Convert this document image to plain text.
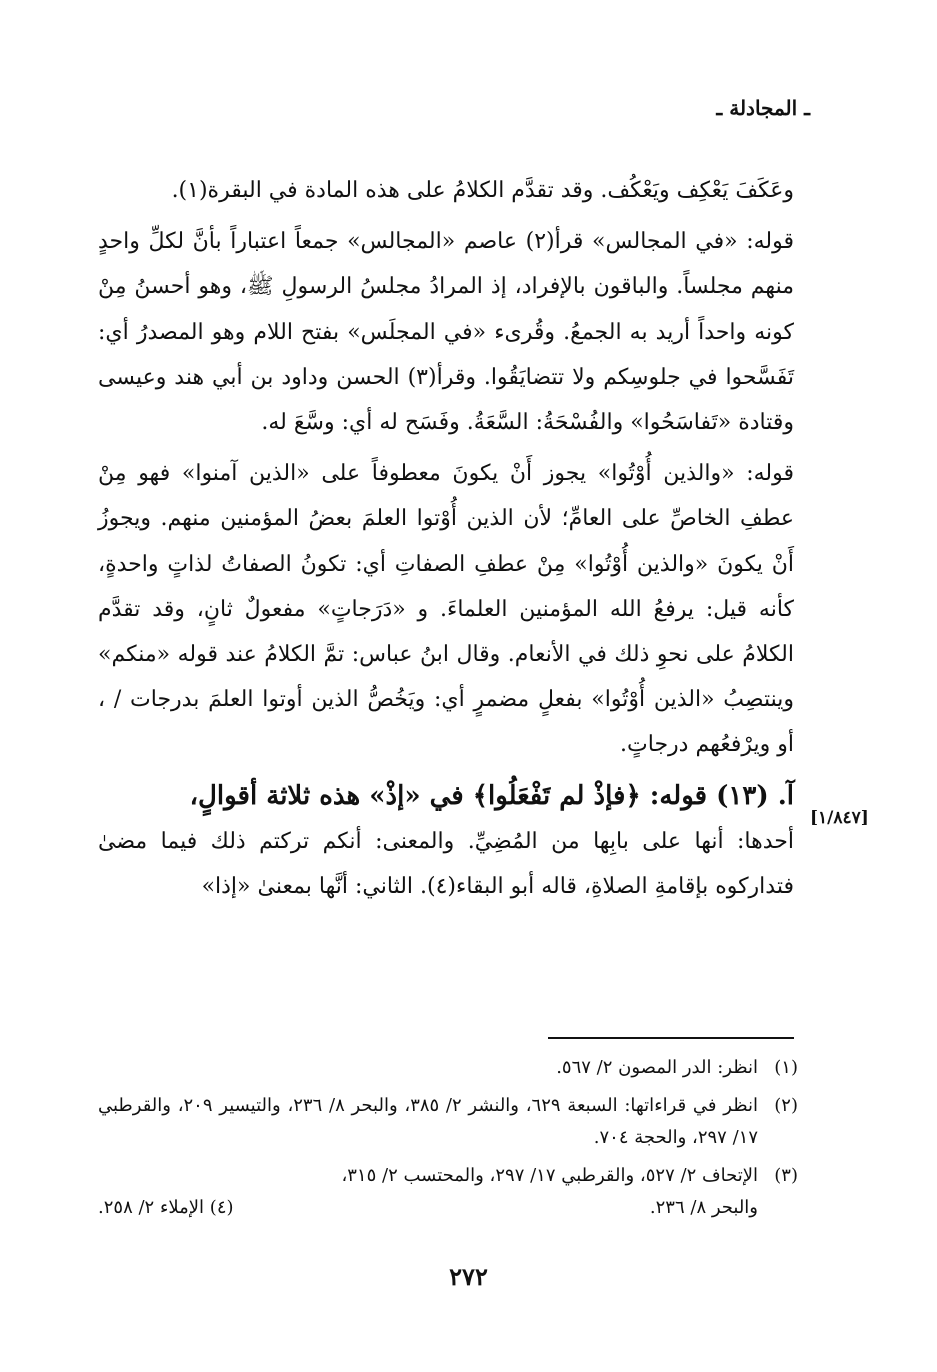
ـ المجادلة ـ

وعَكَفَ يَعْكِف ويَعْكُف. وقد تقدَّم الكلامُ على هذه المادة في البقرة(١).

قوله: «في المجالس» قرأ(٢) عاصم «المجالس» جمعاً اعتباراً بأنَّ لكلِّ واحدٍ منهم مجلساً. والباقون بالإفراد، إذ المرادُ مجلسُ الرسولِ ﷺ، وهو أحسنُ مِنْ كونه واحداً أريد به الجمعُ. وقُرىء «في المجلَس» بفتح اللام وهو المصدرُ أي: تَفَسَّحوا في جلوسِكم ولا تتضايَقُوا. وقرأ(٣) الحسن وداود بن أبي هند وعيسى وقتادة «تَفاسَحُوا» والفُسْحَةُ: السَّعَةُ. وفَسَح له أي: وسَّعَ له.

قوله: «والذين أُوْتُوا» يجوز أَنْ يكونَ معطوفاً على «الذين آمنوا» فهو مِنْ عطفِ الخاصِّ على العامِّ؛ لأن الذين أُوْتوا العلمَ بعضُ المؤمنين منهم. ويجوزُ أَنْ يكونَ «والذين أُوْتُوا» مِنْ عطفِ الصفاتِ أي: تكونُ الصفاتُ لذاتٍ واحدةٍ، كأنه قيل: يرفعُ الله المؤمنين العلماءَ. و «دَرَجاتٍ» مفعولٌ ثانٍ، وقد تقدَّم الكلامُ على نحوِ ذلك في الأنعام. وقال ابنُ عباس: تمَّ الكلامُ عند قوله «منكم» وينتصِبُ «الذين أُوْتُوا» بفعلٍ مضمرٍ أي: ويَخُصُّ الذين أوتوا العلمَ بدرجات / ، أو ويرْفعُهم درجاتٍ.

آ. (١٣) قوله: ﴿فإذْ لم تَفْعَلُوا﴾ في «إذْ» هذه ثلاثة أقوالٍ،

أحدها: أنها على بابِها من المُضِيِّ. والمعنى: أنكم تركتم ذلك فيما مضىٰ فتداركوه بإقامةِ الصلاةِ، قاله أبو البقاء(٤). الثاني: أنَّها بمعنىٰ «إذا»

[١/٨٤٧]
(١)
انظر: الدر المصون ٢/ ٥٦٧.
(٢)
انظر في قراءاتها: السبعة ٦٢٩، والنشر ٢/ ٣٨٥، والبحر ٨/ ٢٣٦، والتيسير ٢٠٩، والقرطبي ١٧/ ٢٩٧، والحجة ٧٠٤.
(٣)
الإتحاف ٢/ ٥٢٧، والقرطبي ١٧/ ٢٩٧، والمحتسب ٢/ ٣١٥،
والبحر ٨/ ٢٣٦.
(٤) الإملاء ٢/ ٢٥٨.
٢٧٢
